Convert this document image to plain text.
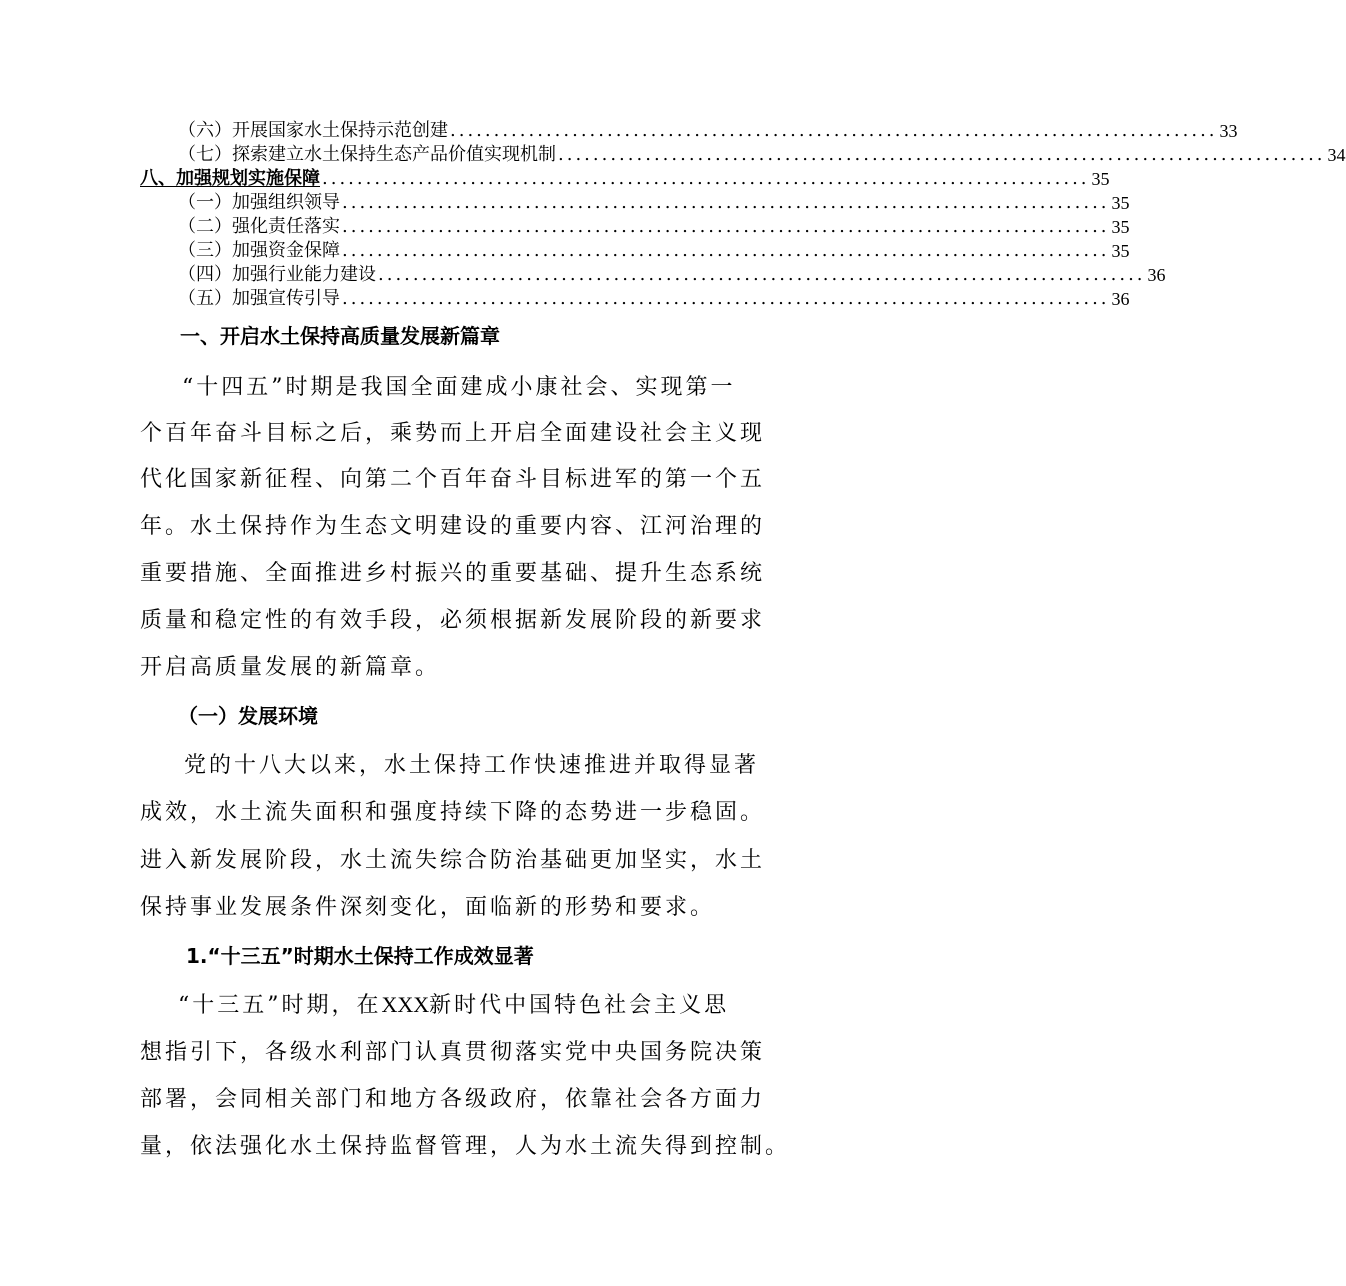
（六）开展国家水土保持示范创建 ........................................................................................ 33
（七）探索建立水土保持生态产品价值实现机制 ........................................................................................ 34
八、加强规划实施保障 ........................................................................................ 35
（一）加强组织领导 ........................................................................................ 35
（二）强化责任落实 ........................................................................................ 35
（三）加强资金保障 ........................................................................................ 35
（四）加强行业能力建设 ........................................................................................ 36
（五）加强宣传引导 ........................................................................................ 36
一、开启水土保持高质量发展新篇章
“十四五”时期是我国全面建成小康社会、实现第一
个百年奋斗目标之后，乘势而上开启全面建设社会主义现
代化国家新征程、向第二个百年奋斗目标进军的第一个五
年。水土保持作为生态文明建设的重要内容、江河治理的
重要措施、全面推进乡村振兴的重要基础、提升生态系统
质量和稳定性的有效手段，必须根据新发展阶段的新要求
开启高质量发展的新篇章。
（一）发展环境
党的十八大以来，水土保持工作快速推进并取得显著
成效，水土流失面积和强度持续下降的态势进一步稳固。
进入新发展阶段，水土流失综合防治基础更加坚实，水土
保持事业发展条件深刻变化，面临新的形势和要求。
1.“十三五”时期水土保持工作成效显著
“十三五”时期，在XXX新时代中国特色社会主义思
想指引下，各级水利部门认真贯彻落实党中央国务院决策
部署，会同相关部门和地方各级政府，依靠社会各方面力
量，依法强化水土保持监督管理，人为水土流失得到控制。
